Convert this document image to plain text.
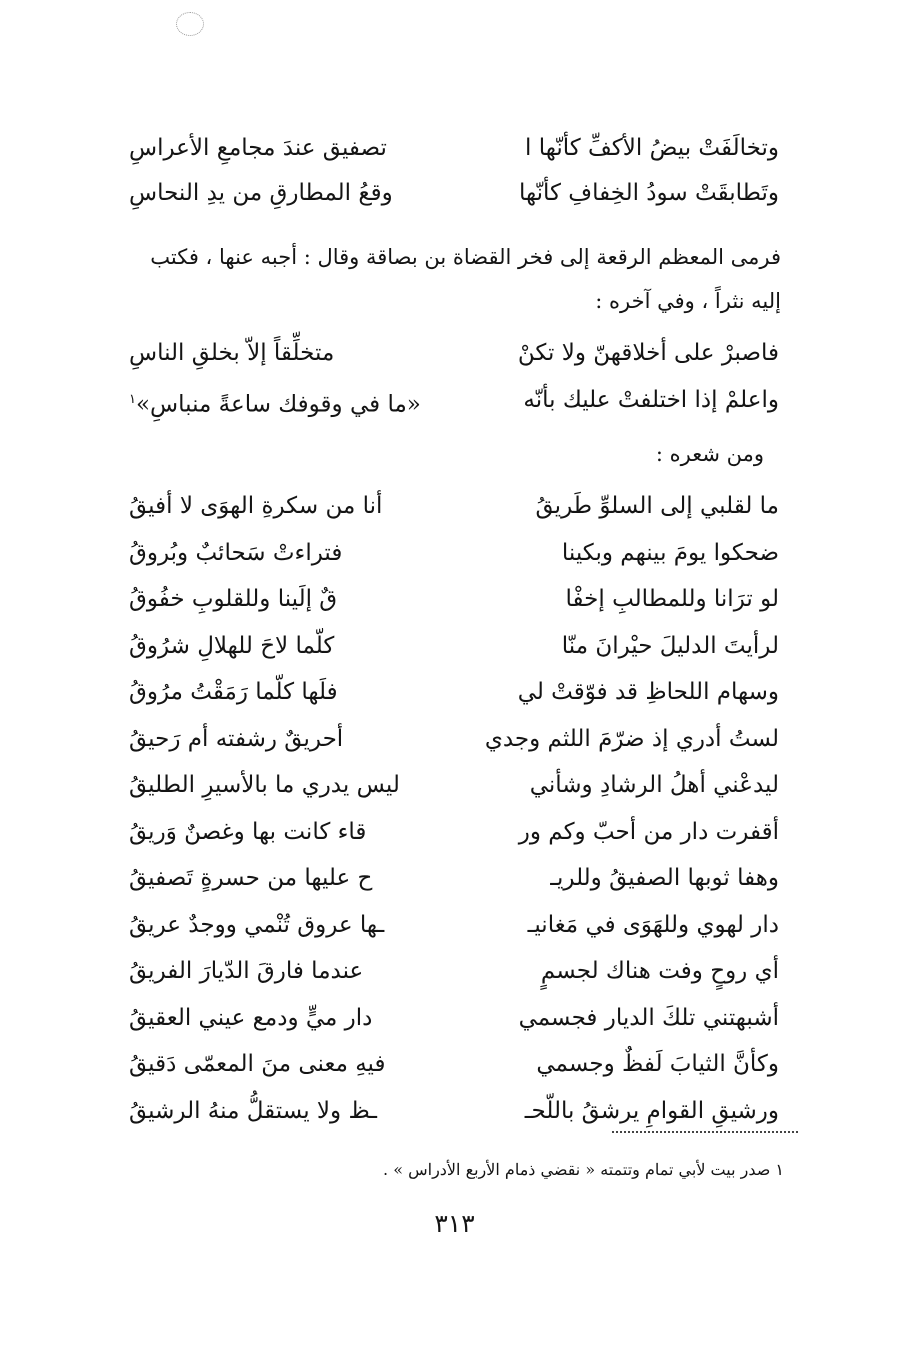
وتخالَفَتْ بيضُ الأكفِّ كأنّها ا
تصفيق عندَ مجامعِ الأعراسِ
وتَطابقَتْ سودُ الخِفافِ كأنّها
وقعُ المطارقِ من يدِ النحاسِ
فرمى المعظم الرقعة إلى فخر القضاة بن بصاقة وقال : أجبه عنها ، فكتب
إليه نثراً ، وفي آخره :
فاصبرْ على أخلاقهنّ ولا تكنْ
متخلِّقاً إلاّ بخلقِ الناسِ
واعلمْ إذا اختلفتْ عليك بأنّه
«ما في وقوفك ساعةً منباسِ»$^١$
ومن شعره :
ما لقلبي إلى السلوِّ طَريقُ
أنا من سكرةِ الهوَى لا أفيقُ
ضحكوا يومَ بينهم وبكينا
فتراءتْ سَحائبٌ وبُروقُ
لو ترَانا وللمطالبِ إخفْا
قٌ إلَينا وللقلوبِ خفُوقُ
لرأيتَ الدليلَ حيْرانَ منّا
كلّما لاحَ للهلالِ شرُوقُ
وسهام اللحاظِ قد فوّقتْ لي
فلَها كلّما رَمَقْتُ مرُوقُ
لستُ أدري إذ ضرّمَ اللثم وجدي
أحريقٌ رشفته أم رَحيقُ
ليدعْني أهلُ الرشادِ وشأني
ليس يدري ما بالأسيرِ الطليقُ
أقفرت دار من أحبّ وكم ور
قاء كانت بها وغصنٌ وَريقُ
وهفا ثوبها الصفيقُ وللريـ
ح عليها من حسرةٍ تَصفيقُ
دار لهوي وللهَوَى في مَغانيـ
ـها عروق تُنْمي ووجدٌ عريقُ
أي روحٍ وفت هناك لجسمٍ
عندما فارقَ الدّيارَ الفريقُ
أشبهتني تلكَ الديار فجسمي
دار ميٍّ ودمع عيني العقيقُ
وكأنَّ الثيابَ لَفظٌ وجسمي
فيهِ معنى منَ المعمّى دَقيقُ
ورشيقِ القوامِ يرشقُ باللّحـ
ـظ ولا يستقلُّ منهُ الرشيقُ
١ صدر بيت لأبي تمام وتتمته « نقضي ذمام الأربع الأدراس » .
٣١٣
